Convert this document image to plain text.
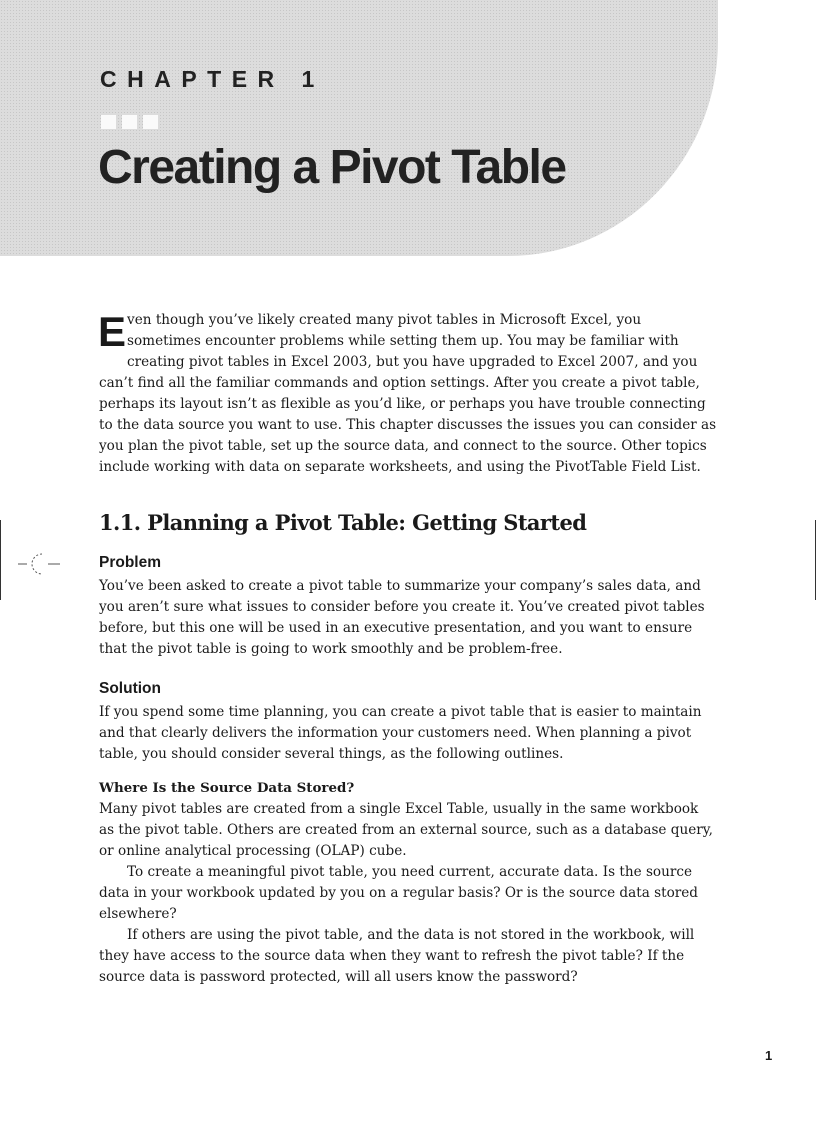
CHAPTER 1
Creating a Pivot Table

Even though you’ve likely created many pivot tables in Microsoft Excel, you sometimes encounter problems while setting them up. You may be familiar with creating pivot tables in Excel 2003, but you have upgraded to Excel 2007, and you can’t find all the familiar commands and option settings. After you create a pivot table, perhaps its layout isn’t as flexible as you’d like, or perhaps you have trouble connecting to the data source you want to use. This chapter discusses the issues you can consider as you plan the pivot table, set up the source data, and connect to the source. Other topics include working with data on separate worksheets, and using the PivotTable Field List.

1.1. Planning a Pivot Table: Getting Started
Problem

You’ve been asked to create a pivot table to summarize your company’s sales data, and you aren’t sure what issues to consider before you create it. You’ve created pivot tables before, but this one will be used in an executive presentation, and you want to ensure that the pivot table is going to work smoothly and be problem-free.

Solution

If you spend some time planning, you can create a pivot table that is easier to maintain and that clearly delivers the information your customers need. When planning a pivot table, you should consider several things, as the following outlines.

Where Is the Source Data Stored?

Many pivot tables are created from a single Excel Table, usually in the same workbook as the pivot table. Others are created from an external source, such as a database query, or online analytical processing (OLAP) cube.

To create a meaningful pivot table, you need current, accurate data. Is the source data in your workbook updated by you on a regular basis? Or is the source data stored elsewhere?

If others are using the pivot table, and the data is not stored in the workbook, will they have access to the source data when they want to refresh the pivot table? If the source data is password protected, will all users know the password?

1
